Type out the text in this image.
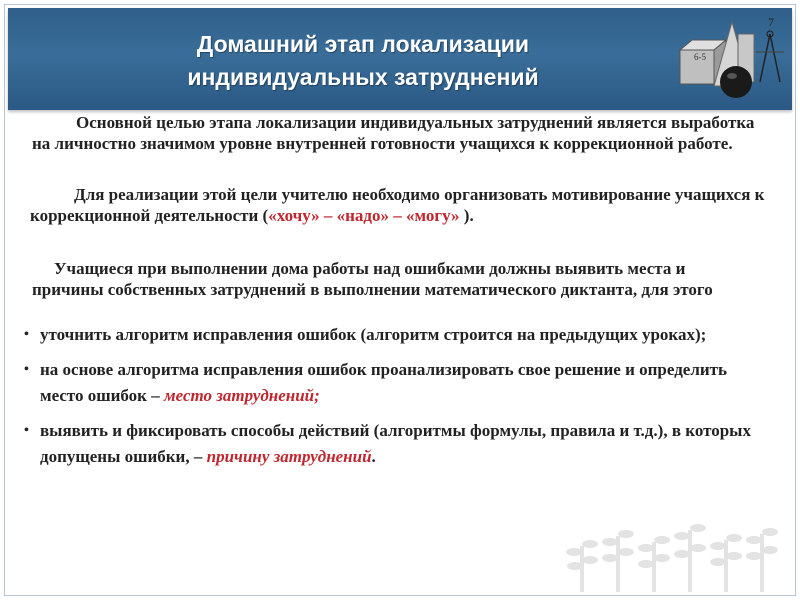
Домашний этап локализации
индивидуальных затруднений
6-5
7

Основной целью этапа локализации индивидуальных затруднений является выработка на личностно значимом уровне внутренней готовности учащихся к коррекционной работе.

Для реализации этой цели учителю необходимо организовать мотивирование учащихся к коррекционной деятельности («хочу» – «надо» – «могу» ).

Учащиеся при выполнении дома работы над ошибками должны выявить места и причины собственных затруднений в выполнении математического диктанта, для этого

• уточнить алгоритм исправления ошибок (алгоритм строится на предыдущих уроках);
• на основе алгоритма исправления ошибок проанализировать свое решение и определить место ошибок – место затруднений;
• выявить и фиксировать способы действий (алгоритмы формулы, правила и т.д.), в которых допущены ошибки, – причину затруднений.
